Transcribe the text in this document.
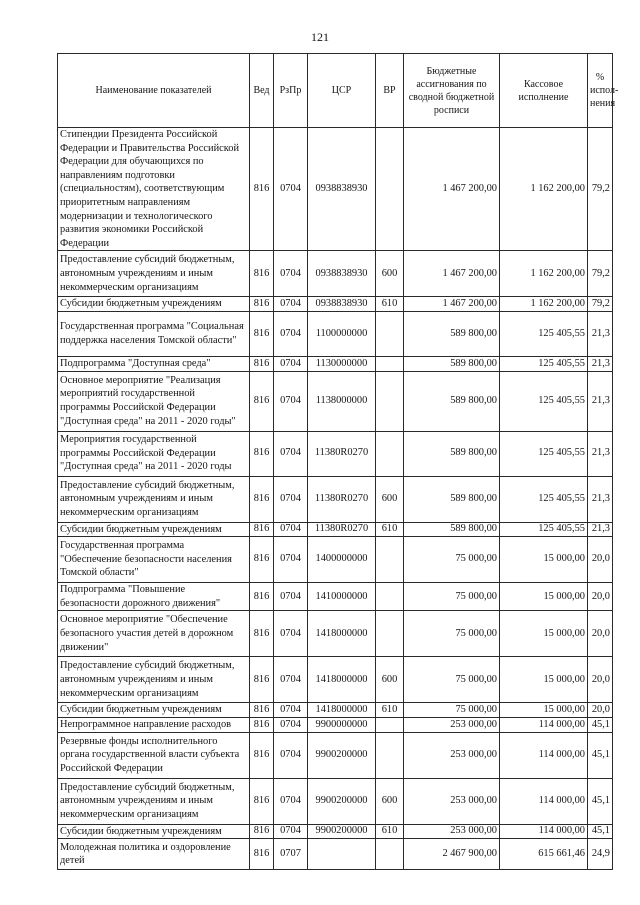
121
Наименование показателей	Вед	РзПр	ЦСР	ВР	Бюджетные ассигнования по сводной бюджетной росписи	Кассовое исполнение	% испол-нения
Стипендии Президента Российской Федерации и Правительства Российской Федерации для обучающихся по направлениям подготовки (специальностям), соответствующим приоритетным направлениям модернизации и технологического развития экономики Российской Федерации	816	0704	0938838930		1 467 200,00	1 162 200,00	79,2
Предоставление субсидий бюджетным, автономным учреждениям и иным некоммерческим организациям	816	0704	0938838930	600	1 467 200,00	1 162 200,00	79,2
Субсидии бюджетным учреждениям	816	0704	0938838930	610	1 467 200,00	1 162 200,00	79,2
Государственная программа "Социальная поддержка населения Томской области"	816	0704	1100000000		589 800,00	125 405,55	21,3
Подпрограмма "Доступная среда"	816	0704	1130000000		589 800,00	125 405,55	21,3
Основное мероприятие "Реализация мероприятий государственной программы Российской Федерации "Доступная среда" на 2011 - 2020 годы"	816	0704	1138000000		589 800,00	125 405,55	21,3
Мероприятия государственной программы Российской Федерации "Доступная среда" на 2011 - 2020 годы	816	0704	11380R0270		589 800,00	125 405,55	21,3
Предоставление субсидий бюджетным, автономным учреждениям и иным некоммерческим организациям	816	0704	11380R0270	600	589 800,00	125 405,55	21,3
Субсидии бюджетным учреждениям	816	0704	11380R0270	610	589 800,00	125 405,55	21,3
Государственная программа "Обеспечение безопасности населения Томской области"	816	0704	1400000000		75 000,00	15 000,00	20,0
Подпрограмма "Повышение безопасности дорожного движения"	816	0704	1410000000		75 000,00	15 000,00	20,0
Основное мероприятие "Обеспечение безопасного участия детей в дорожном движении"	816	0704	1418000000		75 000,00	15 000,00	20,0
Предоставление субсидий бюджетным, автономным учреждениям и иным некоммерческим организациям	816	0704	1418000000	600	75 000,00	15 000,00	20,0
Субсидии бюджетным учреждениям	816	0704	1418000000	610	75 000,00	15 000,00	20,0
Непрограммное направление расходов	816	0704	9900000000		253 000,00	114 000,00	45,1
Резервные фонды исполнительного органа государственной власти субъекта Российской Федерации	816	0704	9900200000		253 000,00	114 000,00	45,1
Предоставление субсидий бюджетным, автономным учреждениям и иным некоммерческим организациям	816	0704	9900200000	600	253 000,00	114 000,00	45,1
Субсидии бюджетным учреждениям	816	0704	9900200000	610	253 000,00	114 000,00	45,1
Молодежная политика и оздоровление детей	816	0707			2 467 900,00	615 661,46	24,9
